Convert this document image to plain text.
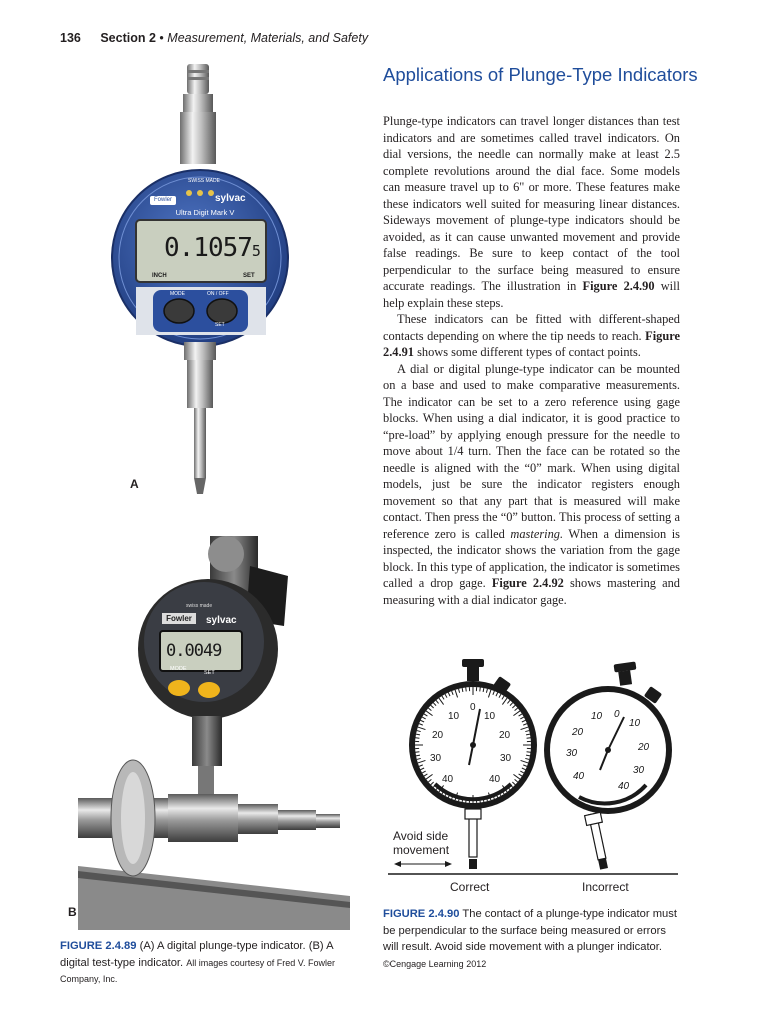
136 Section 2 • Measurement, Materials, and Safety
SWISS MADE
Fowler	sylvac
Ultra Digit Mark V
0.10575
INCH	SET
MODE	ON / OFF
SET
A
swiss made
Fowler	sylvac
0.0049
MODE
SET
B
FIGURE 2.4.89 (A) A digital plunge-type indicator. (B) A digital test-type indicator. All images courtesy of Fred V. Fowler Company, Inc.
Applications of Plunge-Type Indicators

Plunge-type indicators can travel longer distances than test indicators and are sometimes called travel indicators. On dial versions, the needle can normally make at least 2.5 complete revolutions around the dial face. Some models can measure travel up to 6" or more. These features make these indicators well suited for measuring linear distances. Sideways movement of plunge-type indicators should be avoided, as it can cause unwanted movement and provide false readings. Be sure to keep contact of the tool perpendicular to the surface being measured to ensure accurate readings. The illustration in Figure 2.4.90 will help explain these steps.

These indicators can be fitted with different-shaped contacts depending on where the tip needs to reach. Figure 2.4.91 shows some different types of contact points.

A dial or digital plunge-type indicator can be mounted on a base and used to make comparative measurements. The indicator can be set to a zero reference using gage blocks. When using a dial indicator, it is good practice to “pre-load” by applying enough pressure for the needle to move about 1/4 turn. Then the face can be rotated so the needle is aligned with the “0” mark. When using digital models, just be sure the indicator registers enough movement so that any part that is measured will make contact. Then press the “0” button. This process of setting a reference zero is called mastering. When a dimension is inspected, the indicator shows the variation from the gage block. In this type of application, the indicator is sometimes called a drop gage. Figure 2.4.92 shows mastering and measuring with a dial indicator gage.

0
10 10
20	20
30	30
40	40
0
10
10
20
20
30
30
40
40
Avoid side
movement
Correct	Incorrect
FIGURE 2.4.90 The contact of a plunge-type indicator must be perpendicular to the surface being measured or errors will result. Avoid side movement with a plunger indicator.
©Cengage Learning 2012
